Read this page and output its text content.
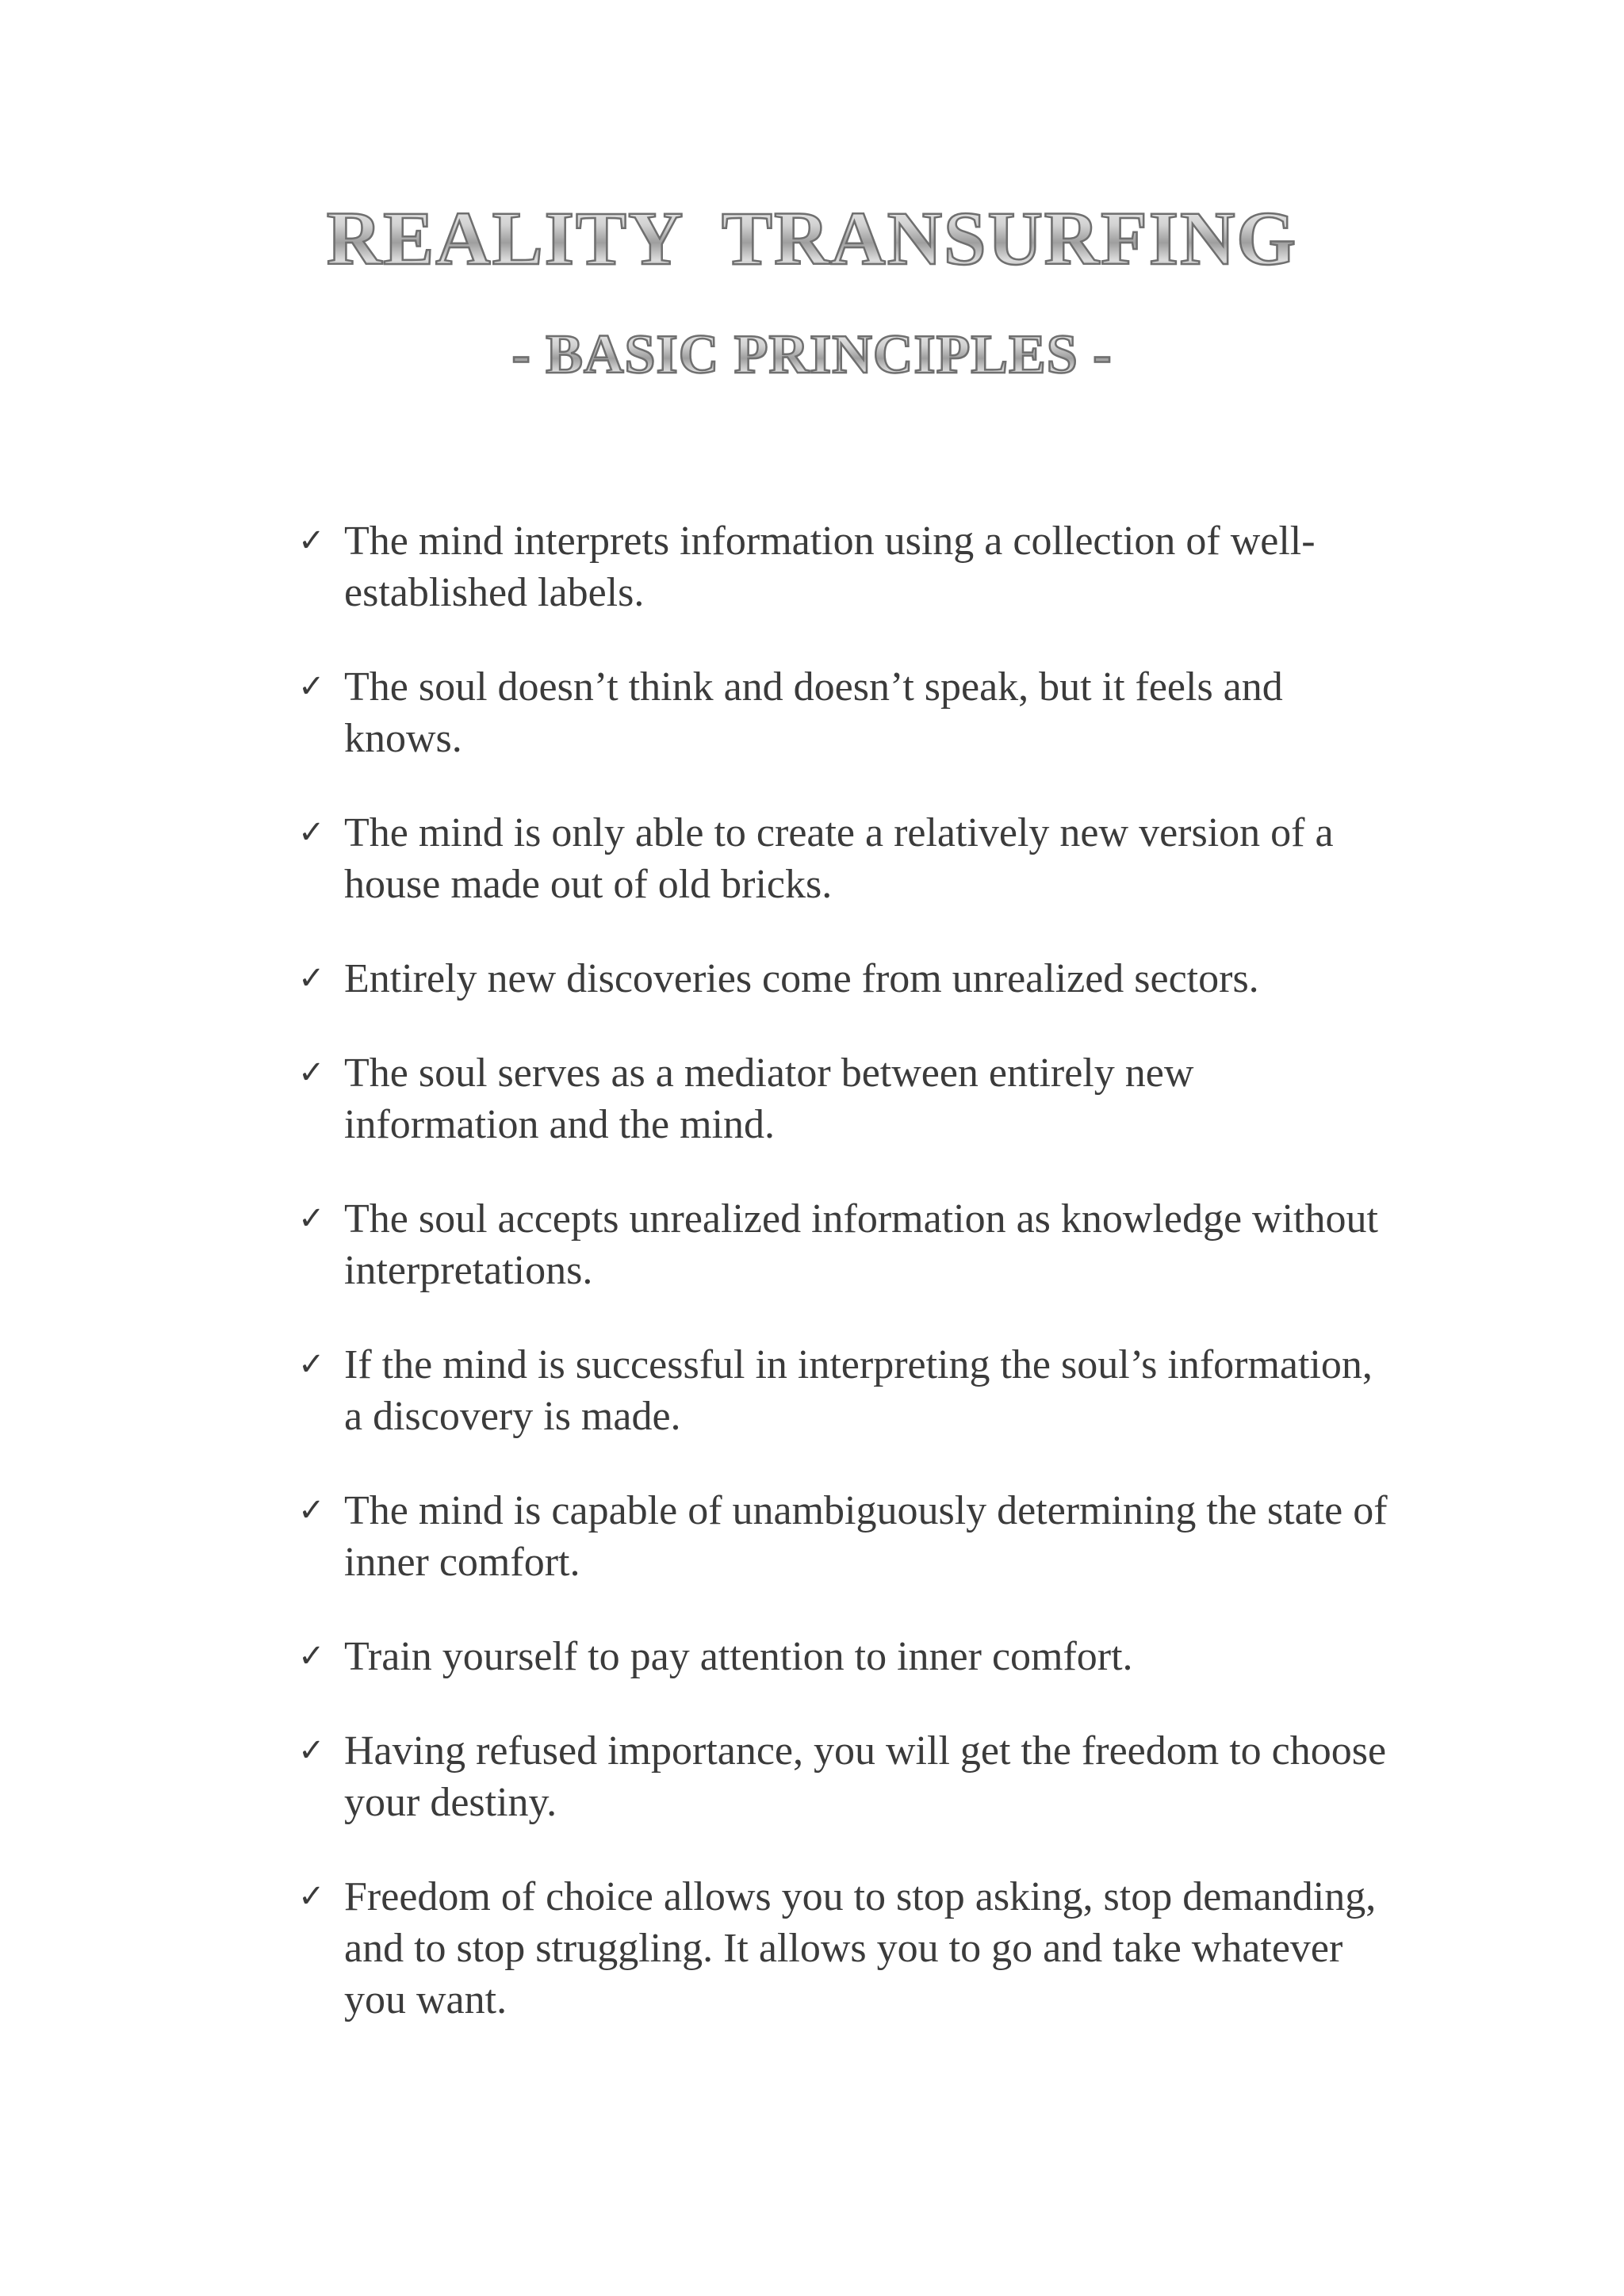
REALITY  TRANSURFING
- BASIC PRINCIPLES -
✓ The mind interprets information using a collection of well-established labels.
✓ The soul doesn’t think and doesn’t speak, but it feels and knows.
✓ The mind is only able to create a relatively new version of a house made out of old bricks.
✓ Entirely new discoveries come from unrealized sectors.
✓ The soul serves as a mediator between entirely new information and the mind.
✓ The soul accepts unrealized information as knowledge without interpretations.
✓ If the mind is successful in interpreting the soul’s information, a discovery is made.
✓ The mind is capable of unambiguously determining the state of inner comfort.
✓ Train yourself to pay attention to inner comfort.
✓ Having refused importance, you will get the freedom to choose your destiny.
✓ Freedom of choice allows you to stop asking, stop demanding, and to stop struggling. It allows you to go and take whatever you want.
